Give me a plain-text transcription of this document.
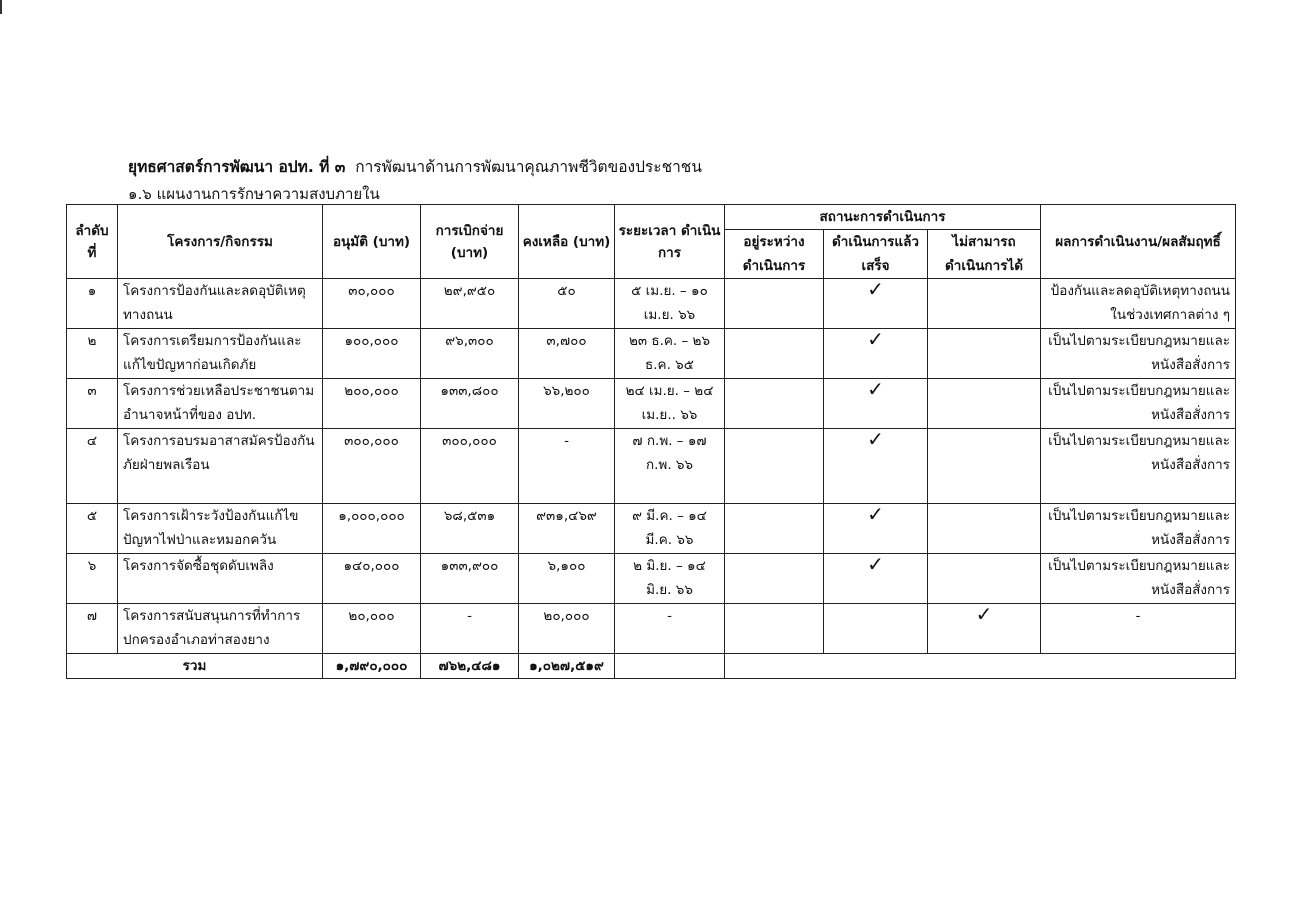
ยุทธศาสตร์การพัฒนา อปท. ที่ ๓ การพัฒนาด้านการพัฒนาคุณภาพชีวิตของประชาชน
๑.๖ แผนงานการรักษาความสงบภายใน
ลำดับ ที่	โครงการ/กิจกรรม	อนุมัติ (บาท)	การเบิกจ่าย (บาท)	คงเหลือ (บาท)	ระยะเวลา ดำเนินการ	สถานะการดำเนินการ			ผลการดำเนินงาน/ผลสัมฤทธิ์
						อยู่ระหว่าง ดำเนินการ	ดำเนินการแล้ว เสร็จ	ไม่สามารถ ดำเนินการได้	
๑	โครงการป้องกันและลดอุบัติเหตุทางถนน	๓๐,๐๐๐	๒๙,๙๕๐	๕๐	๕ เม.ย. – ๑๐ เม.ย. ๖๖		✓		ป้องกันและลดอุบัติเหตุทางถนนในช่วงเทศกาลต่าง ๆ
๒	โครงการเตรียมการป้องกันและแก้ไขปัญหาก่อนเกิดภัย	๑๐๐,๐๐๐	๙๖,๓๐๐	๓,๗๐๐	๒๓ ธ.ค. – ๒๖ ธ.ค. ๖๕		✓		เป็นไปตามระเบียบกฎหมายและหนังสือสั่งการ
๓	โครงการช่วยเหลือประชาชนตามอำนาจหน้าที่ของ อปท.	๒๐๐,๐๐๐	๑๓๓,๘๐๐	๖๖,๒๐๐	๒๔ เม.ย. – ๒๔ เม.ย.. ๖๖		✓		เป็นไปตามระเบียบกฎหมายและหนังสือสั่งการ
๔	โครงการอบรมอาสาสมัครป้องกันภัยฝ่ายพลเรือน	๓๐๐,๐๐๐	๓๐๐,๐๐๐	-	๗ ก.พ. – ๑๗ ก.พ. ๖๖		✓		เป็นไปตามระเบียบกฎหมายและหนังสือสั่งการ
๕	โครงการเฝ้าระวังป้องกันแก้ไขปัญหาไฟป่าและหมอกควัน	๑,๐๐๐,๐๐๐	๖๘,๕๓๑	๙๓๑,๔๖๙	๙ มี.ค. – ๑๔ มี.ค. ๖๖		✓		เป็นไปตามระเบียบกฎหมายและหนังสือสั่งการ
๖	โครงการจัดซื้อชุดดับเพลิง	๑๔๐,๐๐๐	๑๓๓,๙๐๐	๖,๑๐๐	๒ มิ.ย. – ๑๔ มิ.ย. ๖๖		✓		เป็นไปตามระเบียบกฎหมายและหนังสือสั่งการ
๗	โครงการสนับสนุนการที่ทำการปกครองอำเภอท่าสองยาง	๒๐,๐๐๐	-	๒๐,๐๐๐	-			✓	-
รวม		๑,๗๙๐,๐๐๐	๗๖๒,๔๘๑	๑,๐๒๗,๕๑๙					
